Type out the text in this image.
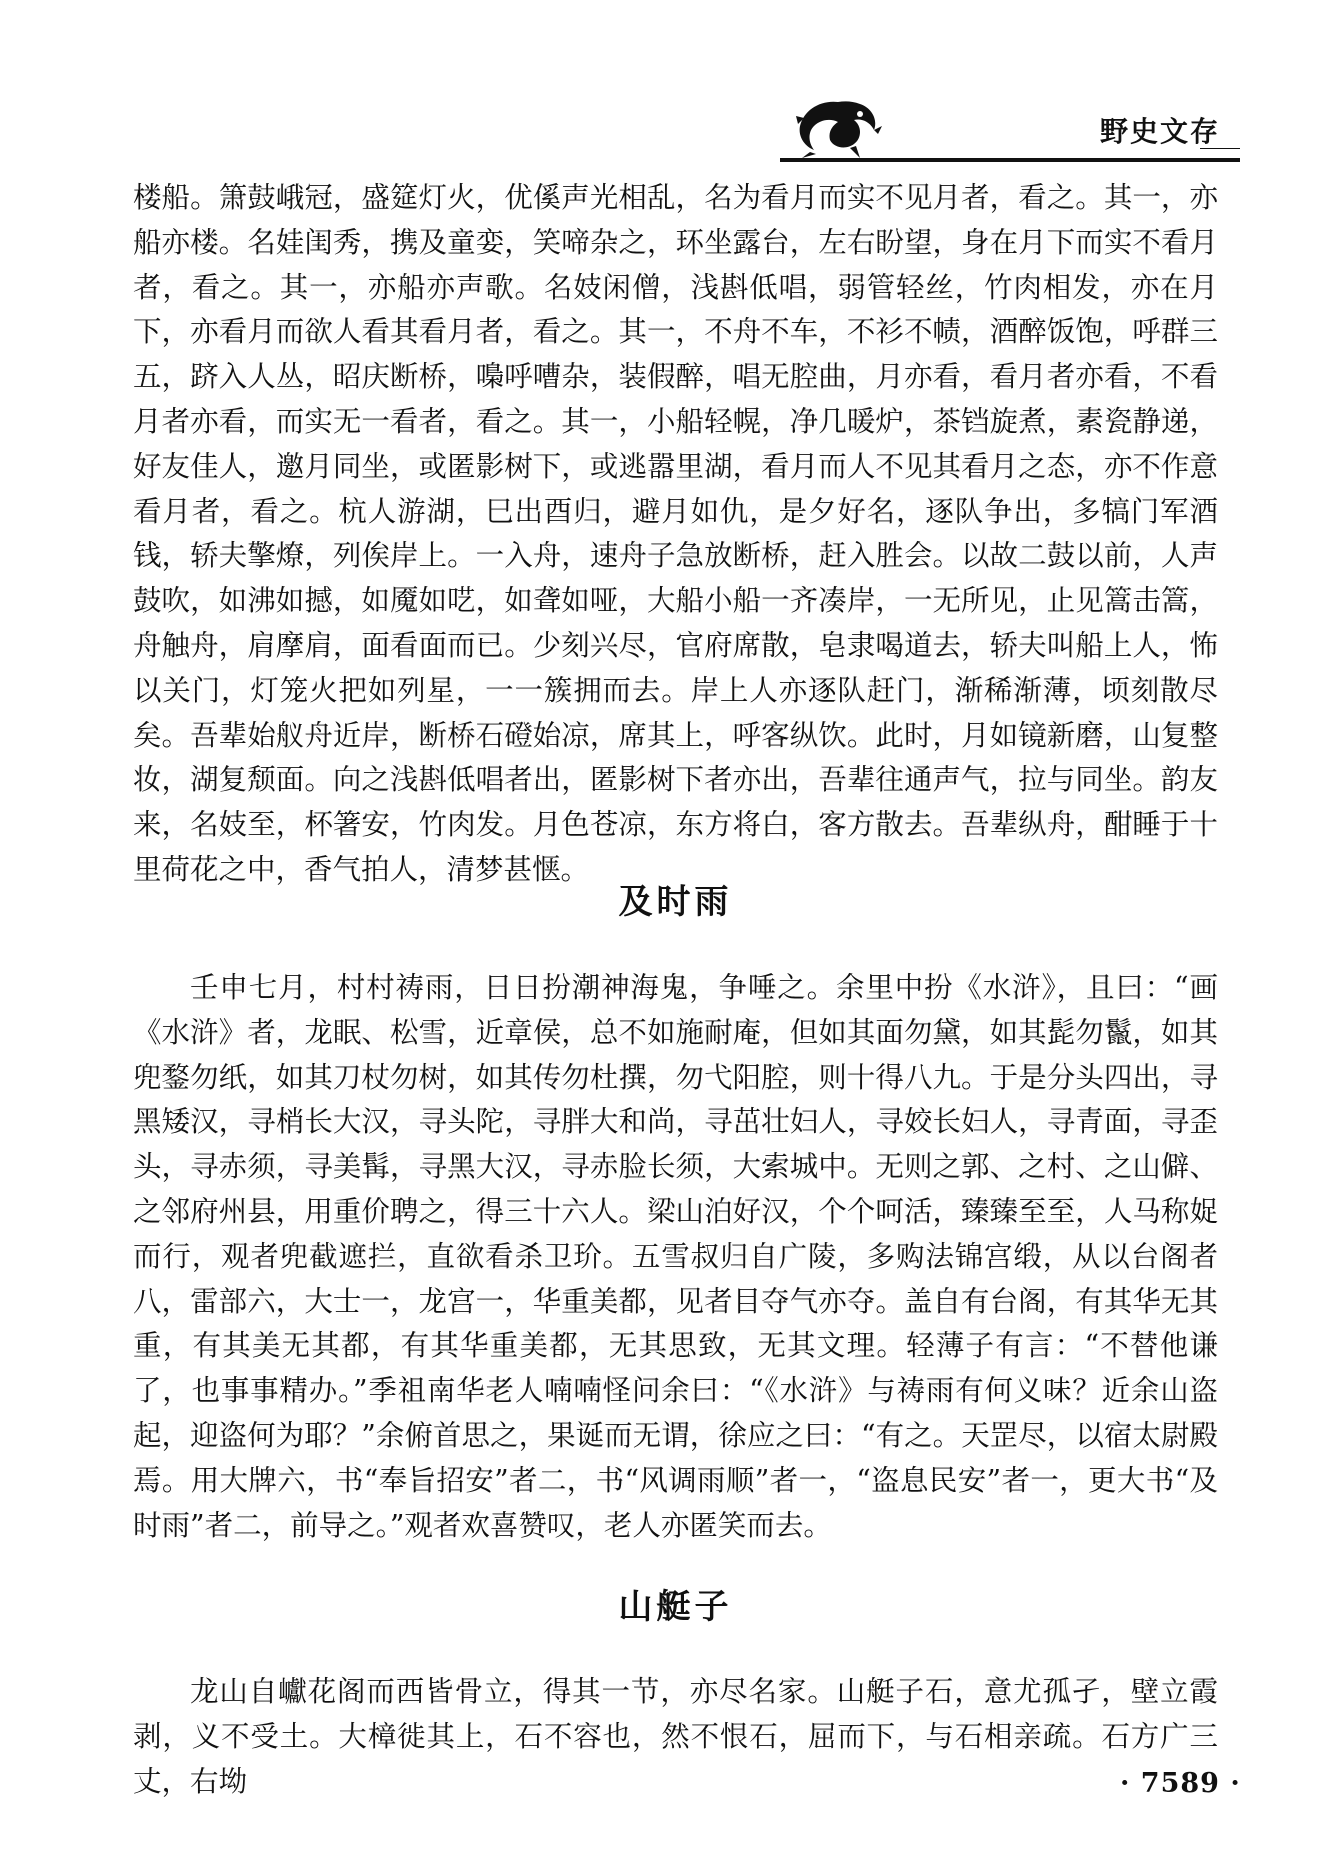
野史文存

楼船。箫鼓峨冠，盛筵灯火，优傒声光相乱，名为看月而实不见月者，看之。其一，亦船亦楼。名娃闺秀，携及童娈，笑啼杂之，环坐露台，左右盼望，身在月下而实不看月者，看之。其一，亦船亦声歌。名妓闲僧，浅斟低唱，弱管轻丝，竹肉相发，亦在月下，亦看月而欲人看其看月者，看之。其一，不舟不车，不衫不帻，酒醉饭饱，呼群三五，跻入人丛，昭庆断桥，嘄呼嘈杂，装假醉，唱无腔曲，月亦看，看月者亦看，不看月者亦看，而实无一看者，看之。其一，小船轻幌，净几暖炉，茶铛旋煮，素瓷静递，好友佳人，邀月同坐，或匿影树下，或逃嚣里湖，看月而人不见其看月之态，亦不作意看月者，看之。杭人游湖，巳出酉归，避月如仇，是夕好名，逐队争出，多犒门军酒钱，轿夫擎燎，列俟岸上。一入舟，速舟子急放断桥，赶入胜会。以故二鼓以前，人声鼓吹，如沸如撼，如魇如呓，如聋如哑，大船小船一齐凑岸，一无所见，止见篙击篙，舟触舟，肩摩肩，面看面而已。少刻兴尽，官府席散，皂隶喝道去，轿夫叫船上人，怖以关门，灯笼火把如列星，一一簇拥而去。岸上人亦逐队赶门，渐稀渐薄，顷刻散尽矣。吾辈始舣舟近岸，断桥石磴始凉，席其上，呼客纵饮。此时，月如镜新磨，山复整妆，湖复颓面。向之浅斟低唱者出，匿影树下者亦出，吾辈往通声气，拉与同坐。韵友来，名妓至，杯箸安，竹肉发。月色苍凉，东方将白，客方散去。吾辈纵舟，酣睡于十里荷花之中，香气拍人，清梦甚惬。

及时雨

壬申七月，村村祷雨，日日扮潮神海鬼，争唾之。余里中扮《水浒》，且曰：“画《水浒》者，龙眠、松雪，近章侯，总不如施耐庵，但如其面勿黛，如其髭勿鬣，如其兜鍪勿纸，如其刀杖勿树，如其传勿杜撰，勿弋阳腔，则十得八九。于是分头四出，寻黑矮汉，寻梢长大汉，寻头陀，寻胖大和尚，寻茁壮妇人，寻姣长妇人，寻青面，寻歪头，寻赤须，寻美髯，寻黑大汉，寻赤脸长须，大索城中。无则之郭、之村、之山僻、之邻府州县，用重价聘之，得三十六人。梁山泊好汉，个个呵活，臻臻至至，人马称娖而行，观者兜截遮拦，直欲看杀卫玠。五雪叔归自广陵，多购法锦宫缎，从以台阁者八，雷部六，大士一，龙宫一，华重美都，见者目夺气亦夺。盖自有台阁，有其华无其重，有其美无其都，有其华重美都，无其思致，无其文理。轻薄子有言：“不替他谦了，也事事精办。”季祖南华老人喃喃怪问余曰：“《水浒》与祷雨有何义味？近余山盗起，迎盗何为耶？”余俯首思之，果诞而无谓，徐应之曰：“有之。天罡尽，以宿太尉殿焉。用大牌六，书“奉旨招安”者二，书“风调雨顺”者一，“盗息民安”者一，更大书“及时雨”者二，前导之。”观者欢喜赞叹，老人亦匿笑而去。

山艇子

龙山自巘花阁而西皆骨立，得其一节，亦尽名家。山艇子石，意尤孤孑，壁立霞剥，义不受土。大樟徙其上，石不容也，然不恨石，屈而下，与石相亲疏。石方广三丈，右坳	· 7589 ·
